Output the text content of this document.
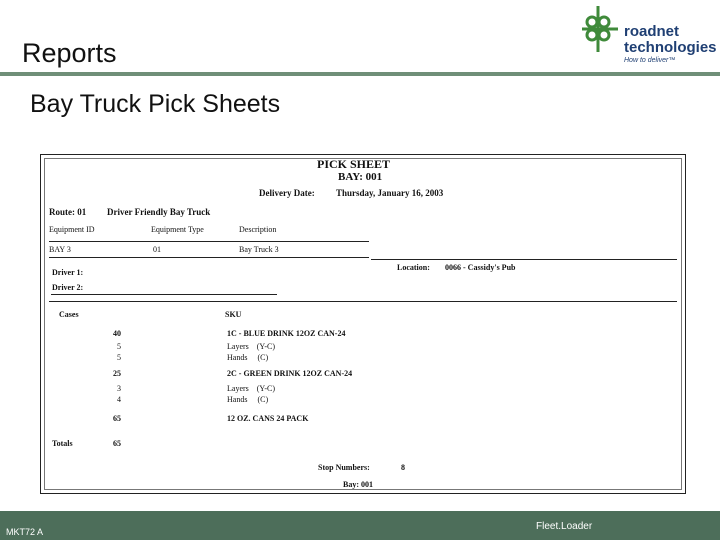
Reports
roadnet
technologies
How to deliver™
Bay Truck Pick Sheets
PICK SHEET
BAY: 001
Delivery Date: Thursday, January 16, 2003
Route: 01 Driver Friendly Bay Truck
Equipment ID	Equipment Type	Description
BAY 3	01	Bay Truck 3
Driver 1:
Driver 2:
Location: 0066 - Cassidy's Pub
Cases	SKU
40	1C - BLUE DRINK 12OZ CAN-24
5	Layers    (Y-C)
5	Hands     (C)
25	2C - GREEN DRINK 12OZ CAN-24
3	Layers    (Y-C)
4	Hands     (C)
65	12 OZ. CANS 24 PACK
Totals	65
Stop Numbers:	8
Bay: 001
MKT72 A	Fleet.Loader
